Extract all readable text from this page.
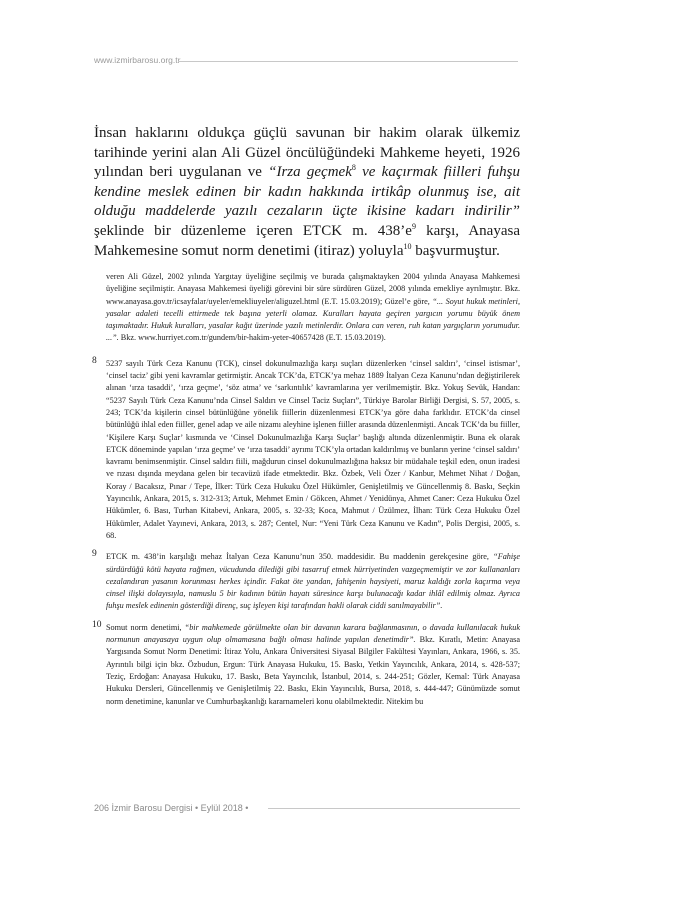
www.izmirbarosu.org.tr

İnsan haklarını oldukça güçlü savunan bir hakim olarak ülkemiz tarihinde yerini alan Ali Güzel öncülüğündeki Mahkeme heyeti, 1926 yılından beri uygulanan ve “Irza geçmek$^8$ ve kaçırmak fiilleri fuhşu kendine meslek edinen bir kadın hakkında irtikâp olunmuş ise, ait olduğu maddelerde yazılı cezaların üçte ikisine kadarı indirilir” şeklinde bir düzenleme içeren ETCK m. $438’e^9$ karşı, Anayasa Mahkemesine somut norm denetimi (itiraz) yoluyla$^{10}$ başvurmuştur.

veren Ali Güzel, 2002 yılında Yargıtay üyeliğine seçilmiş ve burada çalışmaktayken 2004 yılında Anayasa Mahkemesi üyeliğine seçilmiştir. Anayasa Mahkemesi üyeliği görevini bir süre sürdüren Güzel, 2008 yılında emekliye ayrılmıştır. Bkz. www.anayasa.gov.tr/icsayfalar/uyeler/emekliuyeler/aliguzel.html (E.T. 15.03.2019); Güzel’e göre, “... Soyut hukuk metinleri, yasalar adaleti tecelli ettirmede tek başına yeterli olamaz. Kuralları hayata geçiren yargıcın yorumu büyük önem taşımaktadır. Hukuk kuralları, yasalar kağıt üzerinde yazılı metinlerdir. Onlara can veren, ruh katan yargıçların yorumudur. ...”. Bkz. www.hurriyet.com.tr/gundem/bir-hakim-yeter-40657428 (E.T. 15.03.2019).
8 5237 sayılı Türk Ceza Kanunu (TCK), cinsel dokunulmazlığa karşı suçları düzenlerken ‘cinsel saldırı’, ‘cinsel istismar’, ‘cinsel taciz’ gibi yeni kavramlar getirmiştir. Ancak TCK’da, ETCK’ya mehaz 1889 İtalyan Ceza Kanunu’ndan değiştirilerek alınan ‘ırza tasaddi’, ‘ırza geçme’, ‘söz atma’ ve ‘sarkıntılık’ kavramlarına yer verilmemiştir. Bkz. Yokuş Sevük, Handan: “5237 Sayılı Türk Ceza Kanunu’nda Cinsel Saldırı ve Cinsel Taciz Suçları”, Türkiye Barolar Birliği Dergisi, S. 57, 2005, s. 243; TCK’da kişilerin cinsel bütünlüğüne yönelik fiillerin düzenlenmesi ETCK’ya göre daha farklıdır. ETCK’da cinsel bütünlüğü ihlal eden fiiller, genel adap ve aile nizamı aleyhine işlenen fiiller arasında düzenlenmişti. Ancak TCK’da bu fiiller, ‘Kişilere Karşı Suçlar’ kısmında ve ‘Cinsel Dokunulmazlığa Karşı Suçlar’ başlığı altında düzenlenmiştir. Buna ek olarak ETCK döneminde yapılan ‘ırza geçme’ ve ‘ırza tasaddi’ ayrımı TCK’yla ortadan kaldırılmış ve bunların yerine ‘cinsel saldırı’ kavramı benimsenmiştir. Cinsel saldırı fiili, mağdurun cinsel dokunulmazlığına haksız bir müdahale teşkil eden, onun iradesi ve rızası dışında meydana gelen bir tecavüzü ifade etmektedir. Bkz. Özbek, Veli Özer / Kanbur, Mehmet Nihat / Doğan, Koray / Bacaksız, Pınar / Tepe, İlker: Türk Ceza Hukuku Özel Hükümler, Genişletilmiş ve Güncellenmiş 8. Baskı, Seçkin Yayıncılık, Ankara, 2015, s. 312-313; Artuk, Mehmet Emin / Gökcen, Ahmet / Yenidünya, Ahmet Caner: Ceza Hukuku Özel Hükümler, 6. Bası, Turhan Kitabevi, Ankara, 2005, s. 32-33; Koca, Mahmut / Üzülmez, İlhan: Türk Ceza Hukuku Özel Hükümler, Adalet Yayınevi, Ankara, 2013, s. 287; Centel, Nur: “Yeni Türk Ceza Kanunu ve Kadın”, Polis Dergisi, 2005, s. 68.
9 ETCK m. 438’in karşılığı mehaz İtalyan Ceza Kanunu’nun 350. maddesidir. Bu maddenin gerekçesine göre, “Fahişe sürdürdüğü kötü hayata rağmen, vücudunda dilediği gibi tasarruf etmek hürriyetinden vazgeçmemiştir ve zor kullananları cezalandıran yasanın korunması herkes içindir. Fakat öte yandan, fahişenin haysiyeti, maruz kaldığı zorla kaçırma veya cinsel ilişki dolayısıyla, namuslu 5 bir kadının bütün hayatı süresince karşı bulunacağı kadar ihlâl edilmiş olmaz. Ayrıca fuhşu meslek edinenin gösterdiği direnç, suç işleyen kişi tarafından hakli olarak ciddi sanılmayabilir”.
10 Somut norm denetimi, “bir mahkemede görülmekte olan bir davanın karara bağlanmasının, o davada kullanılacak hukuk normunun anayasaya uygun olup olmamasına bağlı olması halinde yapılan denetimdir”. Bkz. Kıratlı, Metin: Anayasa Yargısında Somut Norm Denetimi: İtiraz Yolu, Ankara Üniversitesi Siyasal Bilgiler Fakültesi Yayınları, Ankara, 1966, s. 35. Ayrıntılı bilgi için bkz. Özbudun, Ergun: Türk Anayasa Hukuku, 15. Baskı, Yetkin Yayıncılık, Ankara, 2014, s. 428-537; Teziç, Erdoğan: Anayasa Hukuku, 17. Baskı, Beta Yayıncılık, İstanbul, 2014, s. 244-251; Gözler, Kemal: Türk Anayasa Hukuku Dersleri, Güncellenmiş ve Genişletilmiş 22. Baskı, Ekin Yayıncılık, Bursa, 2018, s. 444-447; Günümüzde somut norm denetimine, kanunlar ve Cumhurbaşkanlığı kararnameleri konu olabilmektedir. Nitekim bu
206 İzmir Barosu Dergisi • Eylül 2018 •
